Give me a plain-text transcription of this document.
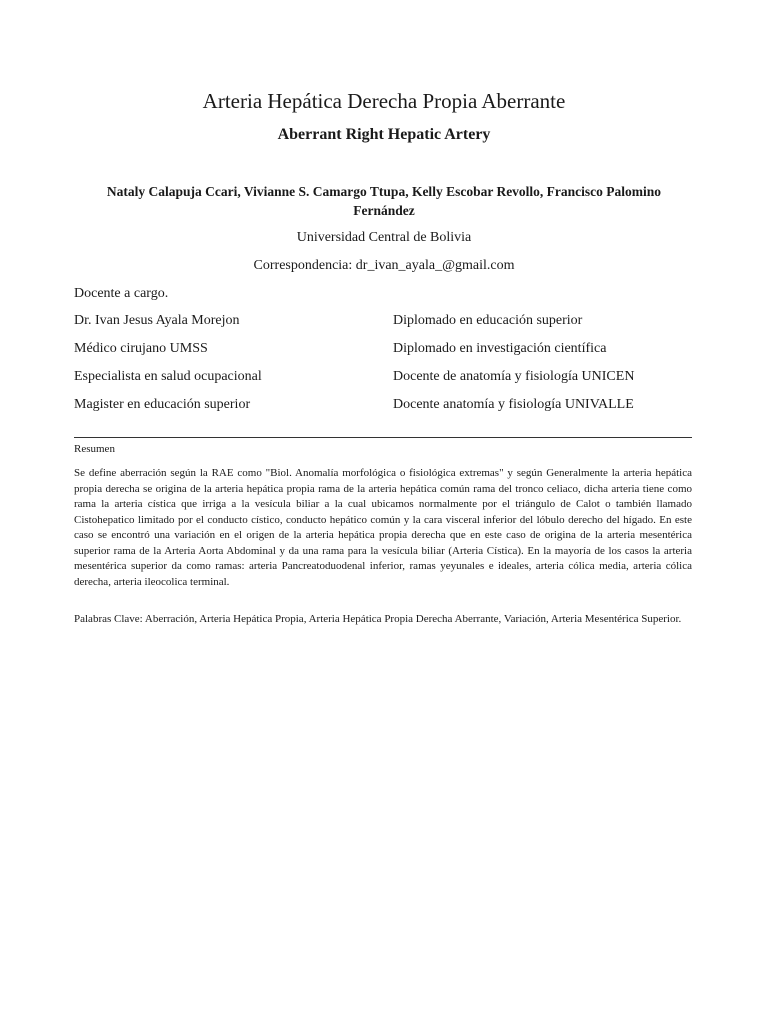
Arteria Hepática Derecha Propia Aberrante
Aberrant Right Hepatic Artery
Nataly Calapuja Ccari, Vivianne S. Camargo Ttupa, Kelly Escobar Revollo, Francisco Palomino Fernández
Universidad Central de Bolivia
Correspondencia: dr_ivan_ayala_@gmail.com
Docente a cargo.
Dr. Ivan Jesus Ayala Morejon	Diplomado en educación superior
Médico cirujano UMSS	Diplomado en investigación científica
Especialista en salud ocupacional	Docente de anatomía y fisiología UNICEN
Magister en educación superior	Docente anatomía y fisiología UNIVALLE
Resumen

Se define aberración según la RAE como "Biol. Anomalía morfológica o fisiológica extremas" y según Generalmente la arteria hepática propia derecha se origina de la arteria hepática propia rama de la arteria hepática común rama del tronco celiaco, dicha arteria tiene como rama la arteria cística que irriga a la vesícula biliar a la cual ubicamos normalmente por el triángulo de Calot o también llamado Cistohepatico limitado por el conducto cístico, conducto hepático común y la cara visceral inferior del lóbulo derecho del hígado. En este caso se encontró una variación en el origen de la arteria hepática propia derecha que en este caso de origina de la arteria mesentérica superior rama de la Arteria Aorta Abdominal y da una rama para la vesícula biliar (Arteria Cística). En la mayoría de los casos la arteria mesentérica superior da como ramas: arteria Pancreatoduodenal inferior, ramas yeyunales e ideales, arteria cólica media, arteria cólica derecha, arteria ileocolica terminal.

Palabras Clave: Aberración, Arteria Hepática Propia, Arteria Hepática Propia Derecha Aberrante, Variación, Arteria Mesentérica Superior.
